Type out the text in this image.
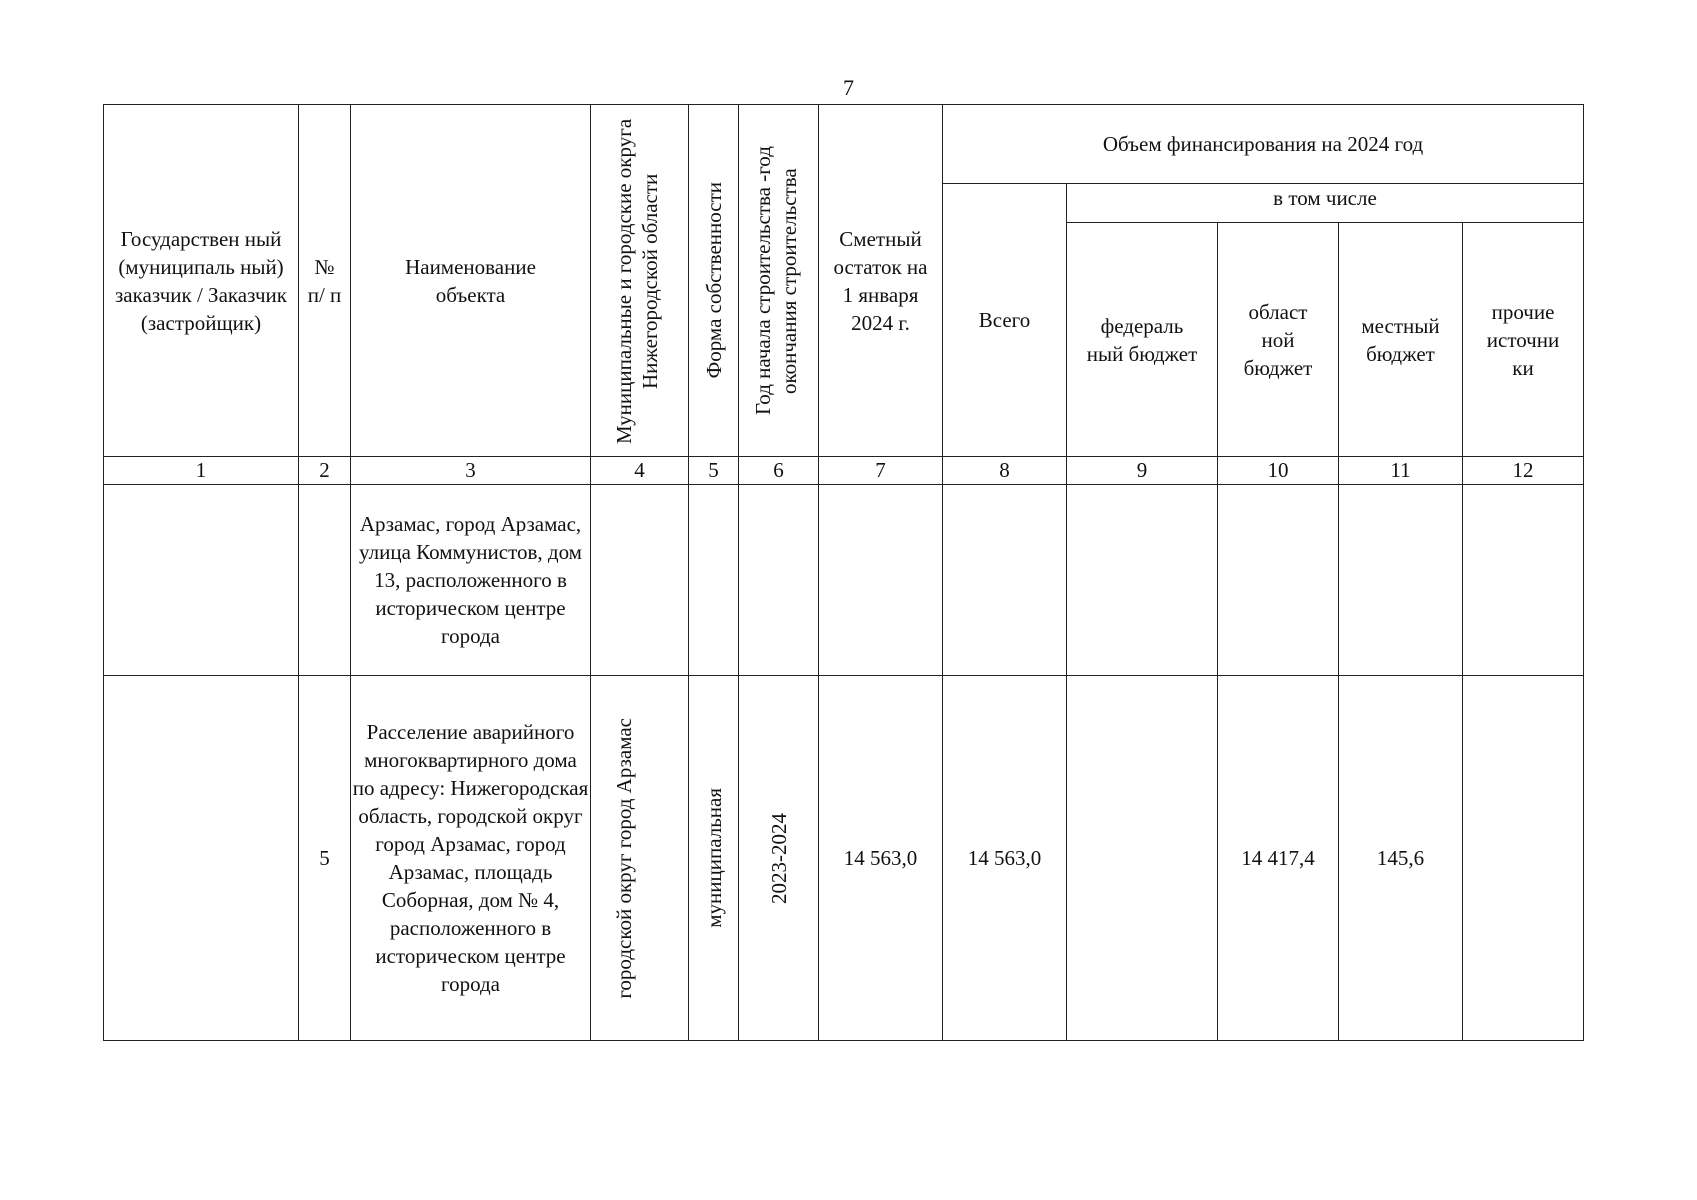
7
Государствен ный (муниципаль ный) заказчик / Заказчик (застройщик)	№ п/ п	Наименование объекта	Муниципальные и городские округа Нижегородской области	Форма собственности	Год начала строительства -год окончания строительства	Сметный остаток на 1 января 2024 г.	Объем финансирования на 2024 год				
							Всего	в том числе			

								федераль ный бюджет	област ной бюджет	местный бюджет	прочие источни ки

1	2	3	4	5	6	7	8	9	10	11	12
		Арзамас, город Арзамас, улица Коммунистов, дом 13, расположенного в историческом центре города									
	5	Расселение аварийного многоквартирного дома по адресу: Нижегородская область, городской округ город Арзамас, город Арзамас, площадь Соборная, дом № 4, расположенного в историческом центре города	городской округ город Арзамас	муниципальная	2023-2024	14 563,0	14 563,0		14 417,4	145,6	
